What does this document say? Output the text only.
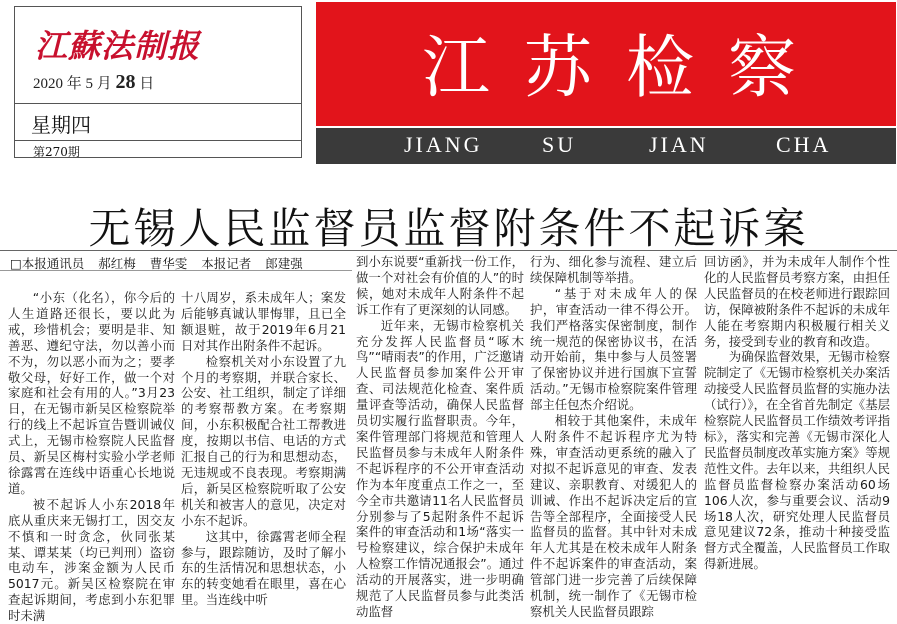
江蘇法制报
2020 年 5 月 28 日
星期四
第270期
江苏检察
JIANG	SU	JIAN	CHA
无锡人民监督员监督附条件不起诉案
□本报通讯员 郝红梅 曹华雯 本报记者 郎建强

“小东（化名），你今后的人生道路还很长，要以此为戒，珍惜机会；要明是非、知善恶、遵纪守法，勿以善小而不为，勿以恶小而为之；要孝敬父母，好好工作，做一个对家庭和社会有用的人。”3月23日，在无锡市新吴区检察院举行的线上不起诉宣告暨训诫仪式上，无锡市检察院人民监督员、新吴区梅村实验小学老师徐露霄在连线中语重心长地说道。

被不起诉人小东2018年底从重庆来无锡打工，因交友不慎和一时贪念，伙同张某某、谭某某（均已判刑）盗窃电动车，涉案金额为人民币5017元。新吴区检察院在审查起诉期间，考虑到小东犯罪时未满

十八周岁，系未成年人；案发后能够真诚认罪悔罪，且已全额退赃，故于2019年6月21日对其作出附条件不起诉。

检察机关对小东设置了九个月的考察期，并联合家长、公安、社工组织，制定了详细的考察帮教方案。在考察期间，小东积极配合社工帮教进度，按期以书信、电话的方式汇报自己的行为和思想动态，无违规或不良表现。考察期满后，新吴区检察院听取了公安机关和被害人的意见，决定对小东不起诉。

这其中，徐露霄老师全程参与，跟踪随访，及时了解小东的生活情况和思想状态，小东的转变她看在眼里，喜在心里。当连线中听

到小东说要“重新找一份工作，做一个对社会有价值的人”的时候，她对未成年人附条件不起诉工作有了更深刻的认同感。

近年来，无锡市检察机关充分发挥人民监督员“啄木鸟”“晴雨表”的作用，广泛邀请人民监督员参加案件公开审查、司法规范化检查、案件质量评查等活动，确保人民监督员切实履行监督职责。今年，案件管理部门将规范和管理人民监督员参与未成年人附条件不起诉程序的不公开审查活动作为本年度重点工作之一，至今全市共邀请11名人民监督员分别参与了5起附条件不起诉案件的审查活动和1场“落实一号检察建议，综合保护未成年人检察工作情况通报会”。通过活动的开展落实，进一步明确规范了人民监督员参与此类活动监督

行为、细化参与流程、建立后续保障机制等举措。

“基于对未成年人的保护，审查活动一律不得公开。我们严格落实保密制度，制作统一规范的保密协议书，在活动开始前，集中参与人员签署了保密协议并进行国旗下宣誓活动。”无锡市检察院案件管理部主任包杰介绍说。

相较于其他案件，未成年人附条件不起诉程序尤为特殊，审查活动更系统的融入了对拟不起诉意见的审查、发表建议、亲职教育、对缓犯人的训诫、作出不起诉决定后的宣告等全部程序，全面接受人民监督员的监督。其中针对未成年人尤其是在校未成年人附条件不起诉案件的审查活动，案管部门进一步完善了后续保障机制，统一制作了《无锡市检察机关人民监督员跟踪

回访函》，并为未成年人制作个性化的人民监督员考察方案，由担任人民监督员的在校老师进行跟踪回访，保障被附条件不起诉的未成年人能在考察期内积极履行相关义务，接受到专业的教育和改造。

为确保监督效果，无锡市检察院制定了《无锡市检察机关办案活动接受人民监督员监督的实施办法（试行）》，在全省首先制定《基层检察院人民监督员工作绩效考评指标》，落实和完善《无锡市深化人民监督员制度改革实施方案》等规范性文件。去年以来，共组织人民监督员监督检察办案活动60场106人次，参与重要会议、活动9场18人次，研究处理人民监督员意见建议72条，推动十种接受监督方式全覆盖，人民监督员工作取得新进展。
